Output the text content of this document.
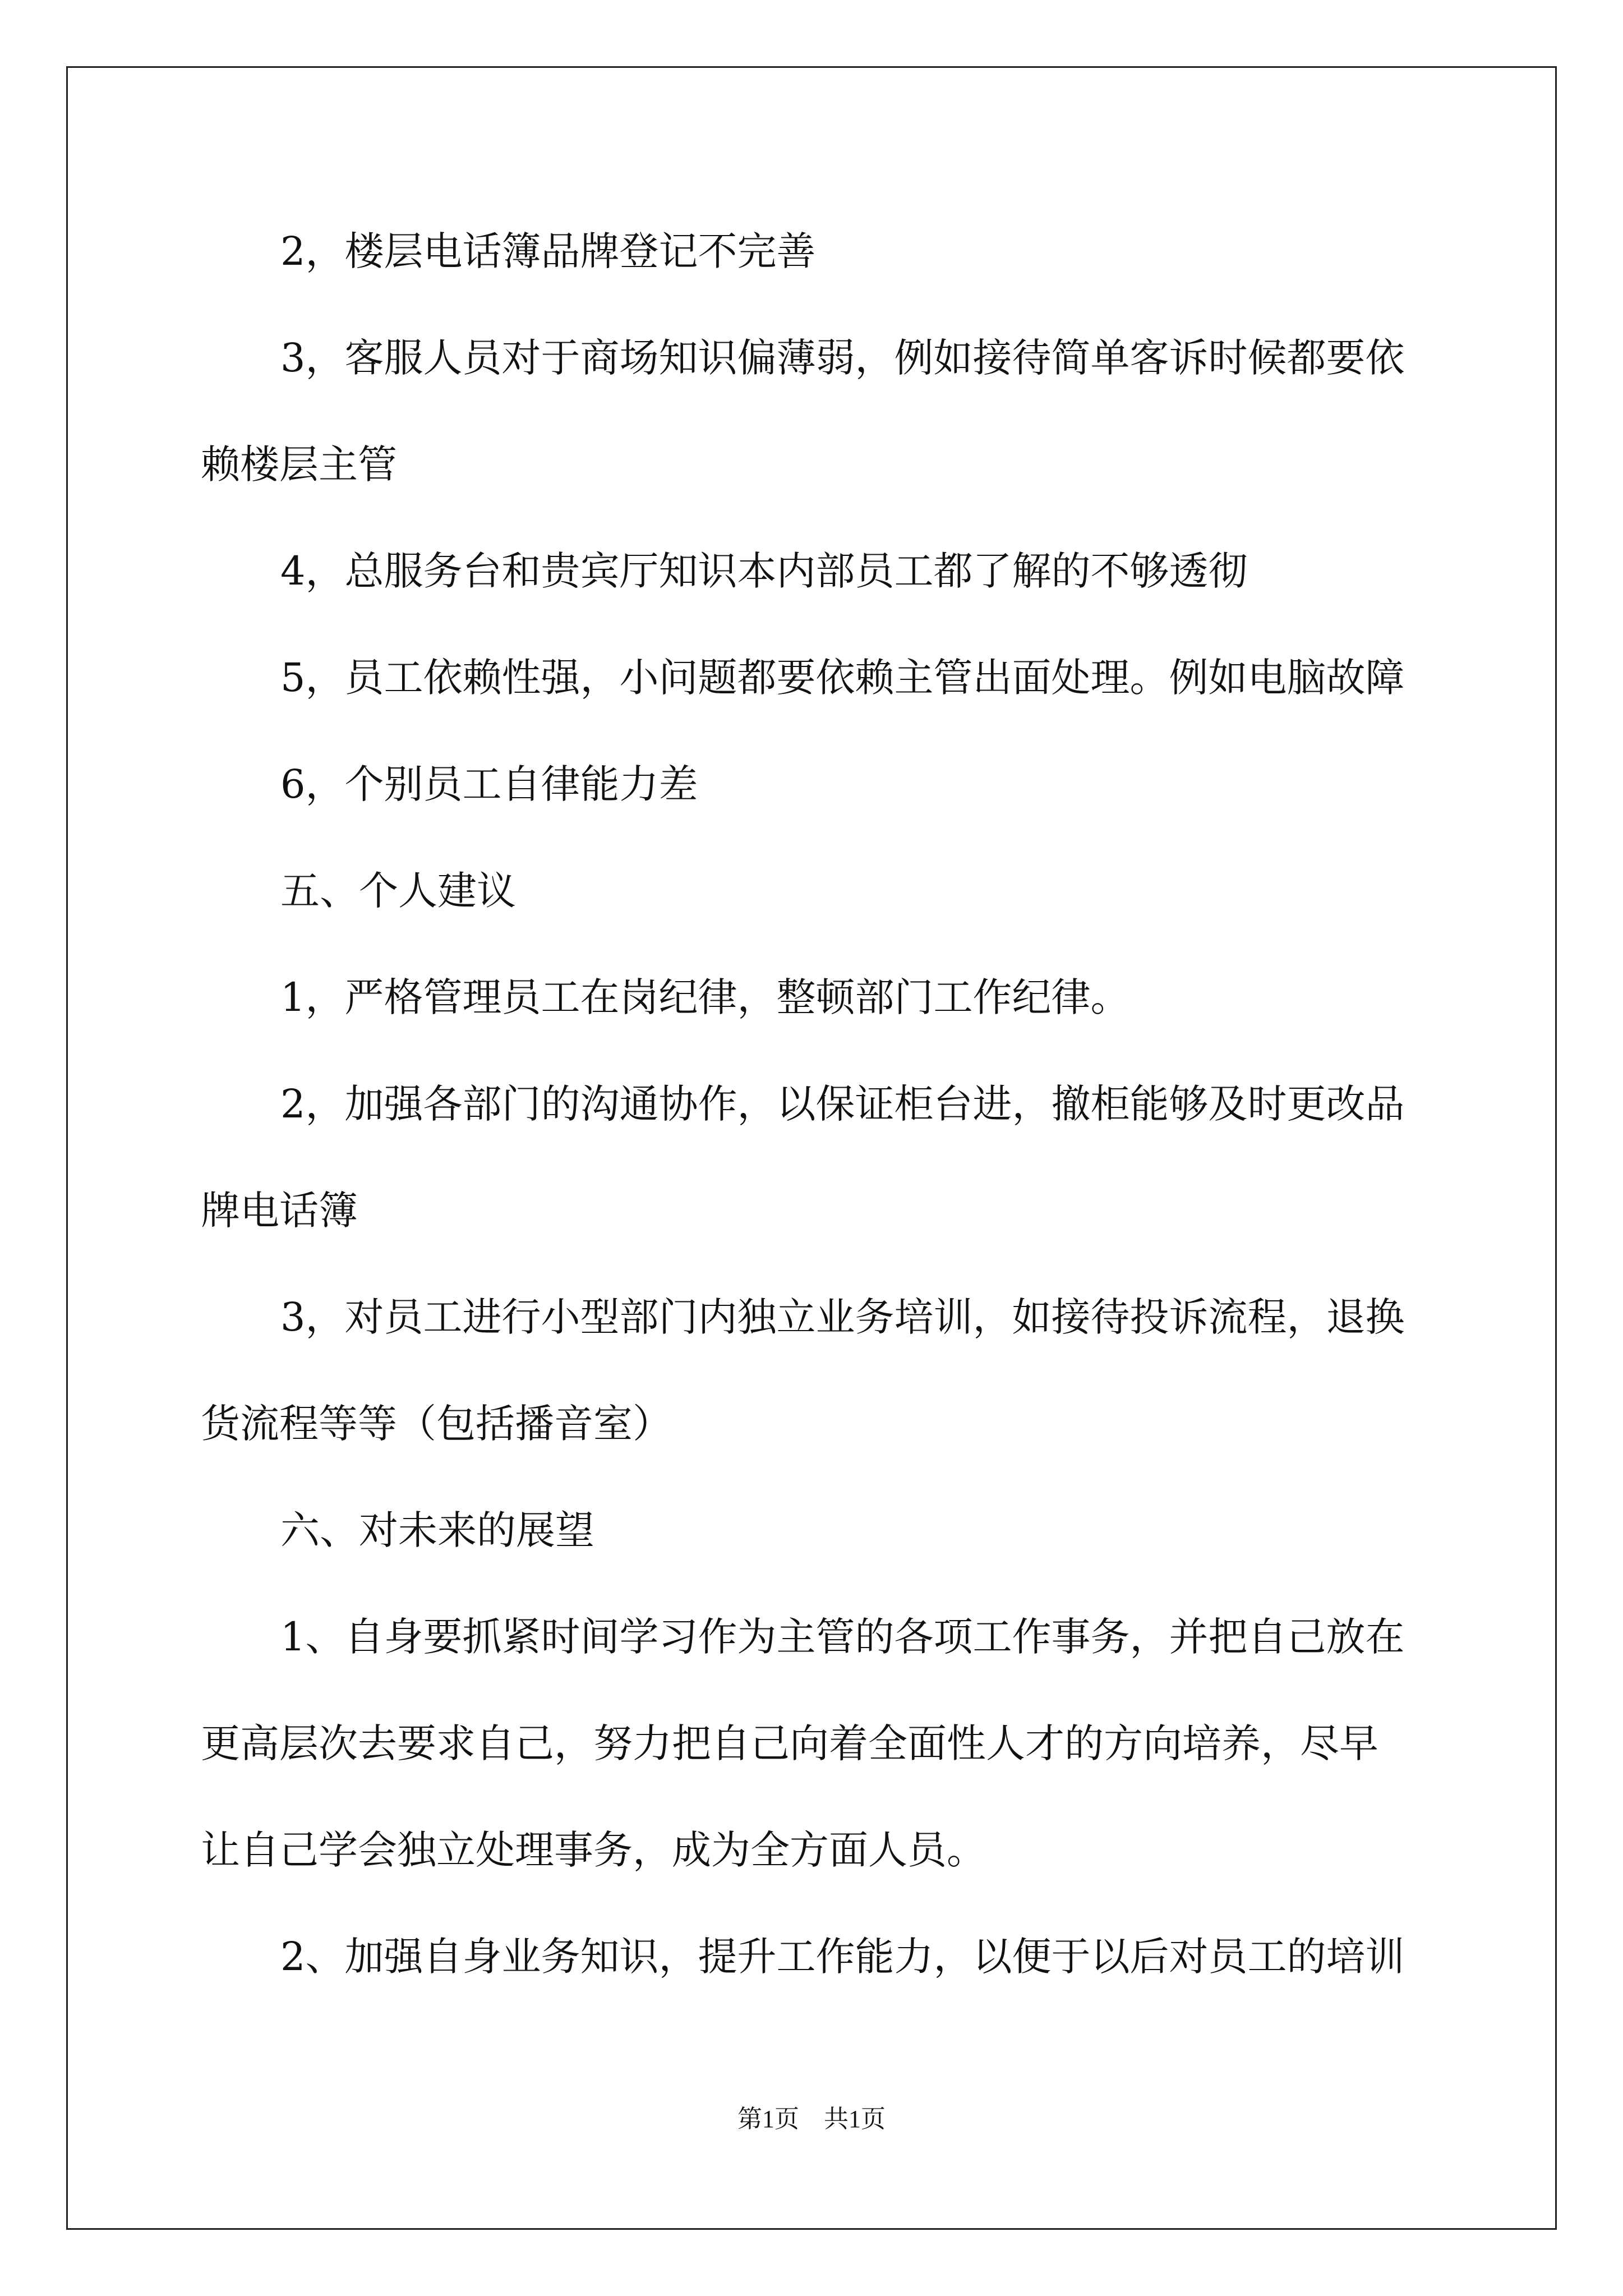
2，楼层电话簿品牌登记不完善
3，客服人员对于商场知识偏薄弱，例如接待简单客诉时候都要依
赖楼层主管
4，总服务台和贵宾厅知识本内部员工都了解的不够透彻
5，员工依赖性强，小问题都要依赖主管出面处理。例如电脑故障
6，个别员工自律能力差
五、个人建议
1，严格管理员工在岗纪律，整顿部门工作纪律。
2，加强各部门的沟通协作，以保证柜台进，撤柜能够及时更改品
牌电话簿
3，对员工进行小型部门内独立业务培训，如接待投诉流程，退换
货流程等等（包括播音室）
六、对未来的展望
1、自身要抓紧时间学习作为主管的各项工作事务，并把自己放在
更高层次去要求自己，努力把自己向着全面性人才的方向培养，尽早
让自己学会独立处理事务，成为全方面人员。
2、加强自身业务知识，提升工作能力，以便于以后对员工的培训
第1页　共1页
